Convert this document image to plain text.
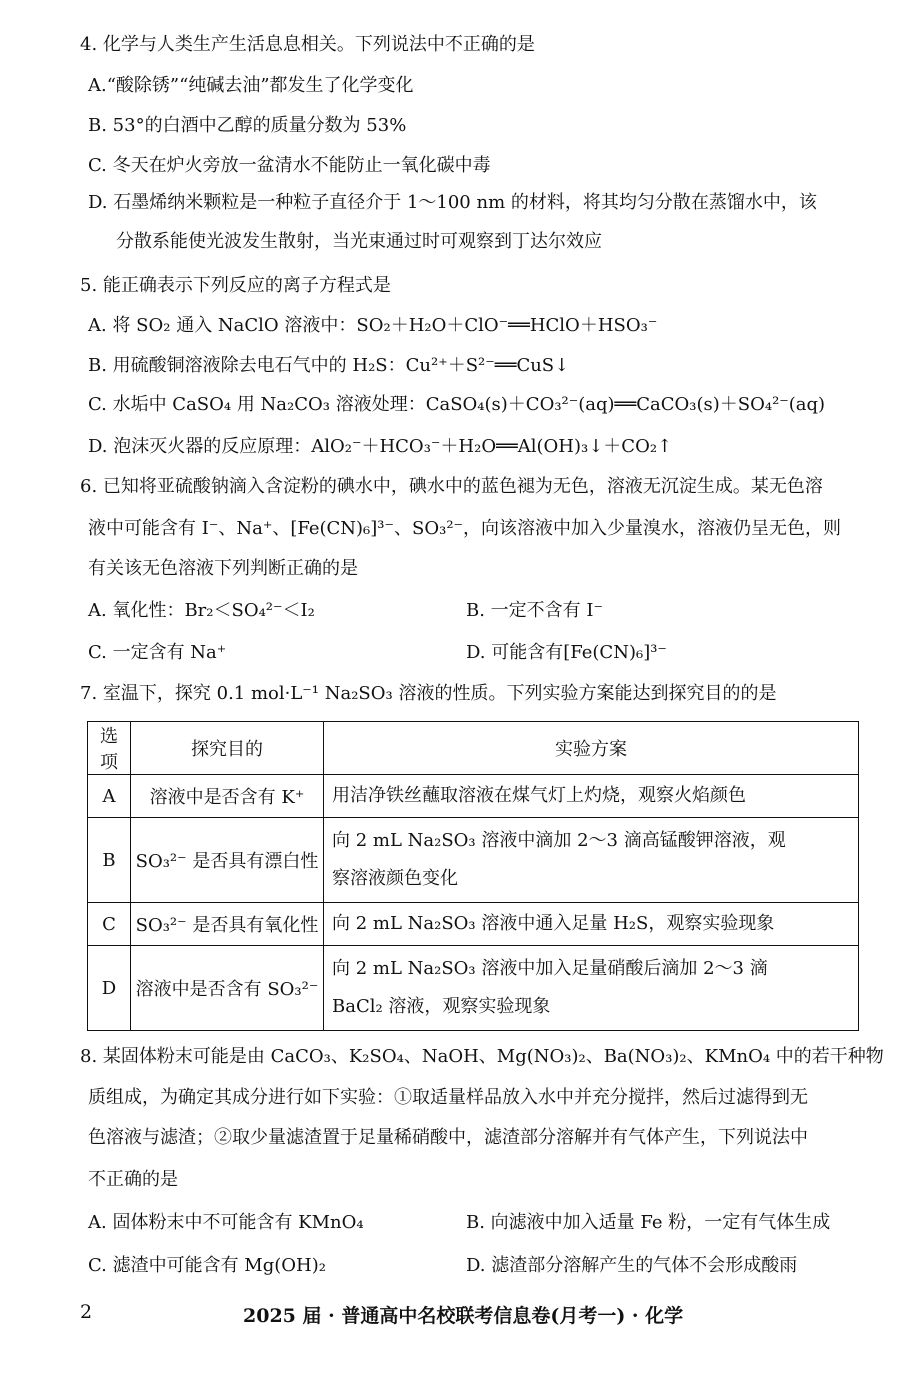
4. 化学与人类生产生活息息相关。下列说法中不正确的是
A.“酸除锈”“纯碱去油”都发生了化学变化
B. 53°的白酒中乙醇的质量分数为 53%
C. 冬天在炉火旁放一盆清水不能防止一氧化碳中毒
D. 石墨烯纳米颗粒是一种粒子直径介于 1～100 nm 的材料，将其均匀分散在蒸馏水中，该
分散系能使光波发生散射，当光束通过时可观察到丁达尔效应
5. 能正确表示下列反应的离子方程式是
A. 将 SO₂ 通入 NaClO 溶液中：SO₂＋H₂O＋ClO⁻══HClO＋HSO₃⁻
B. 用硫酸铜溶液除去电石气中的 H₂S：Cu²⁺＋S²⁻══CuS↓
C. 水垢中 CaSO₄ 用 Na₂CO₃ 溶液处理：CaSO₄(s)＋CO₃²⁻(aq)══CaCO₃(s)＋SO₄²⁻(aq)
D. 泡沫灭火器的反应原理：AlO₂⁻＋HCO₃⁻＋H₂O══Al(OH)₃↓＋CO₂↑
6. 已知将亚硫酸钠滴入含淀粉的碘水中，碘水中的蓝色褪为无色，溶液无沉淀生成。某无色溶
液中可能含有 I⁻、Na⁺、[Fe(CN)₆]³⁻、SO₃²⁻，向该溶液中加入少量溴水，溶液仍呈无色，则
有关该无色溶液下列判断正确的是
A. 氧化性：Br₂＜SO₄²⁻＜I₂	B. 一定不含有 I⁻
C. 一定含有 Na⁺	D. 可能含有[Fe(CN)₆]³⁻
7. 室温下，探究 0.1 mol·L⁻¹ Na₂SO₃ 溶液的性质。下列实验方案能达到探究目的的是
选项	探究目的	实验方案
A	溶液中是否含有 K⁺	用洁净铁丝蘸取溶液在煤气灯上灼烧，观察火焰颜色

B	SO₃²⁻ 是否具有漂白性	向 2 mL Na₂SO₃ 溶液中滴加 2～3 滴高锰酸钾溶液，观
察溶液颜色变化

C	SO₃²⁻ 是否具有氧化性	向 2 mL Na₂SO₃ 溶液中通入足量 H₂S，观察实验现象

D	溶液中是否含有 SO₃²⁻	向 2 mL Na₂SO₃ 溶液中加入足量硝酸后滴加 2～3 滴
BaCl₂ 溶液，观察实验现象
8. 某固体粉末可能是由 CaCO₃、K₂SO₄、NaOH、Mg(NO₃)₂、Ba(NO₃)₂、KMnO₄ 中的若干种物
质组成，为确定其成分进行如下实验：①取适量样品放入水中并充分搅拌，然后过滤得到无
色溶液与滤渣；②取少量滤渣置于足量稀硝酸中，滤渣部分溶解并有气体产生，下列说法中
不正确的是
A. 固体粉末中不可能含有 KMnO₄	B. 向滤液中加入适量 Fe 粉，一定有气体生成
C. 滤渣中可能含有 Mg(OH)₂	D. 滤渣部分溶解产生的气体不会形成酸雨
2	2025 届 · 普通高中名校联考信息卷(月考一) · 化学
